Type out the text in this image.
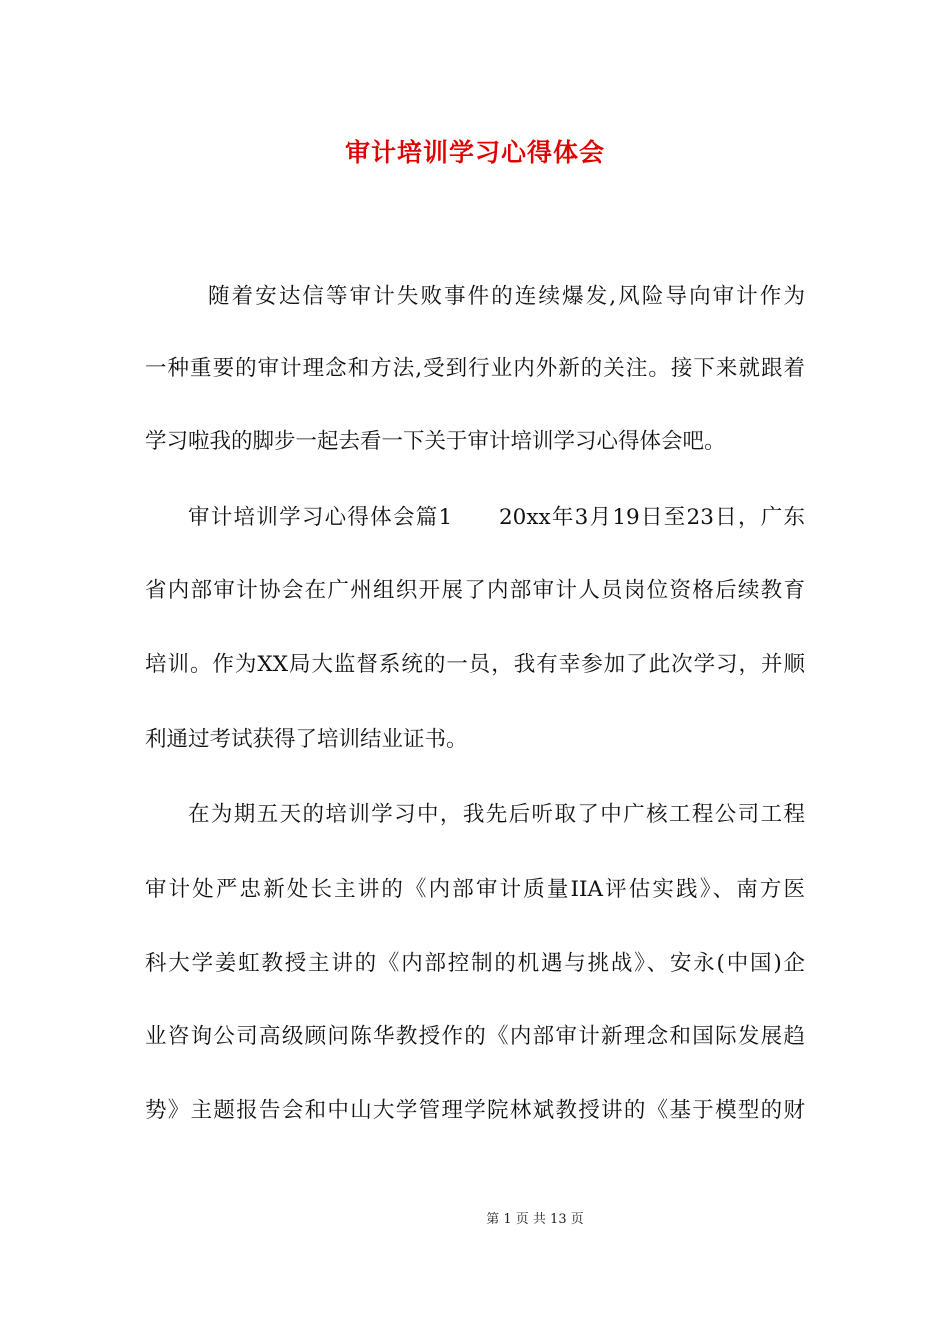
审计培训学习心得体会

随着安达信等审计失败事件的连续爆发,风险导向审计作为

一种重要的审计理念和方法,受到行业内外新的关注。接下来就跟着

学习啦我的脚步一起去看一下关于审计培训学习心得体会吧。

审计培训学习心得体会篇1　　20xx年3月19日至23日，广东

省内部审计协会在广州组织开展了内部审计人员岗位资格后续教育

培训。作为XX局大监督系统的一员，我有幸参加了此次学习，并顺

利通过考试获得了培训结业证书。

在为期五天的培训学习中，我先后听取了中广核工程公司工程

审计处严忠新处长主讲的《内部审计质量IIA评估实践》、南方医

科大学姜虹教授主讲的《内部控制的机遇与挑战》、安永(中国)企

业咨询公司高级顾问陈华教授作的《内部审计新理念和国际发展趋

势》主题报告会和中山大学管理学院林斌教授讲的《基于模型的财

第 1 页 共 13 页
